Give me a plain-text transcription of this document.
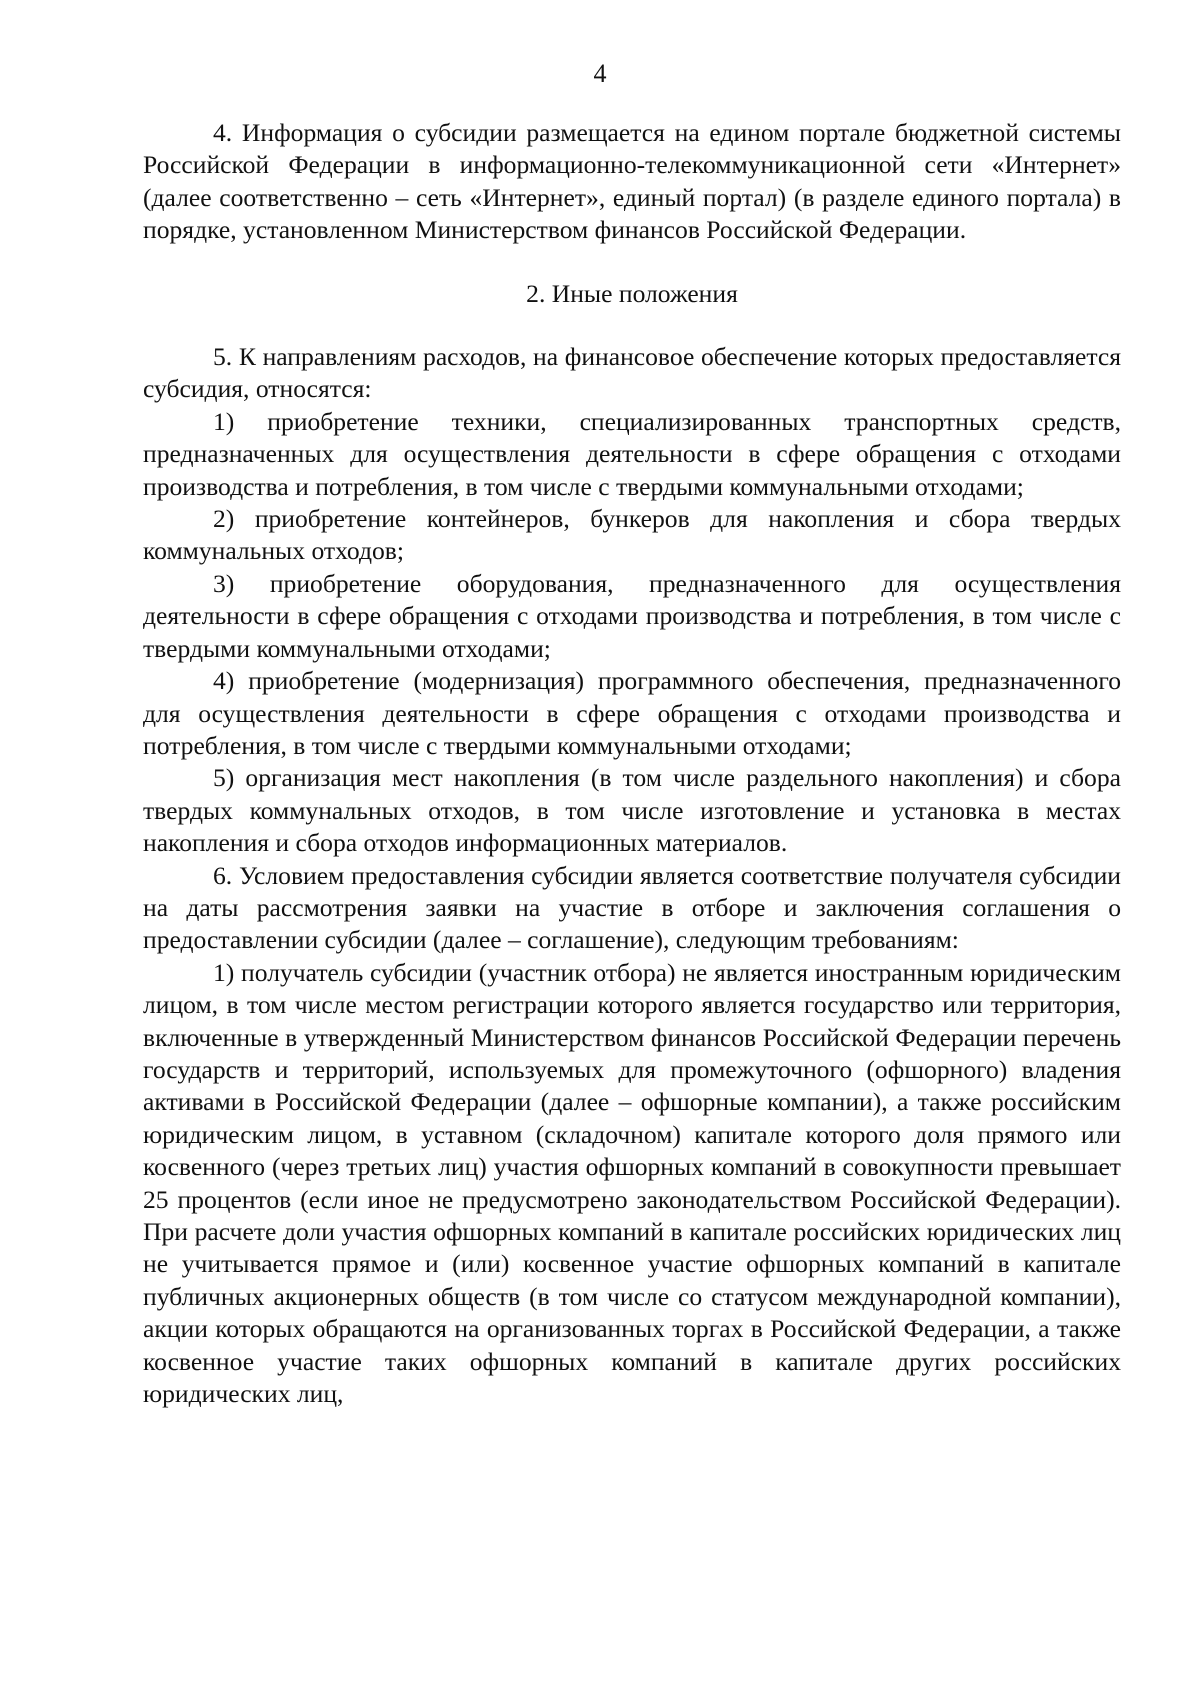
4

4. Информация о субсидии размещается на едином портале бюджетной системы Российской Федерации в информационно-телекоммуникационной сети «Интернет» (далее соответственно – сеть «Интернет», единый портал) (в разделе единого портала) в порядке, установленном Министерством финансов Российской Федерации.

2. Иные положения

5. К направлениям расходов, на финансовое обеспечение которых предоставляется субсидия, относятся:

1) приобретение техники, специализированных транспортных средств, предназначенных для осуществления деятельности в сфере обращения с отходами производства и потребления, в том числе с твердыми коммунальными отходами;

2) приобретение контейнеров, бункеров для накопления и сбора твердых коммунальных отходов;

3) приобретение оборудования, предназначенного для осуществления деятельности в сфере обращения с отходами производства и потребления, в том числе с твердыми коммунальными отходами;

4) приобретение (модернизация) программного обеспечения, предназначенного для осуществления деятельности в сфере обращения с отходами производства и потребления, в том числе с твердыми коммунальными отходами;

5) организация мест накопления (в том числе раздельного накопления) и сбора твердых коммунальных отходов, в том числе изготовление и установка в местах накопления и сбора отходов информационных материалов.

6. Условием предоставления субсидии является соответствие получателя субсидии на даты рассмотрения заявки на участие в отборе и заключения соглашения о предоставлении субсидии (далее – соглашение), следующим требованиям:

1) получатель субсидии (участник отбора) не является иностранным юридическим лицом, в том числе местом регистрации которого является государство или территория, включенные в утвержденный Министерством финансов Российской Федерации перечень государств и территорий, используемых для промежуточного (офшорного) владения активами в Российской Федерации (далее – офшорные компании), а также российским юридическим лицом, в уставном (складочном) капитале которого доля прямого или косвенного (через третьих лиц) участия офшорных компаний в совокупности превышает 25 процентов (если иное не предусмотрено законодательством Российской Федерации). При расчете доли участия офшорных компаний в капитале российских юридических лиц не учитывается прямое и (или) косвенное участие офшорных компаний в капитале публичных акционерных обществ (в том числе со статусом международной компании), акции которых обращаются на организованных торгах в Российской Федерации, а также косвенное участие таких офшорных компаний в капитале других российских юридических лиц,
